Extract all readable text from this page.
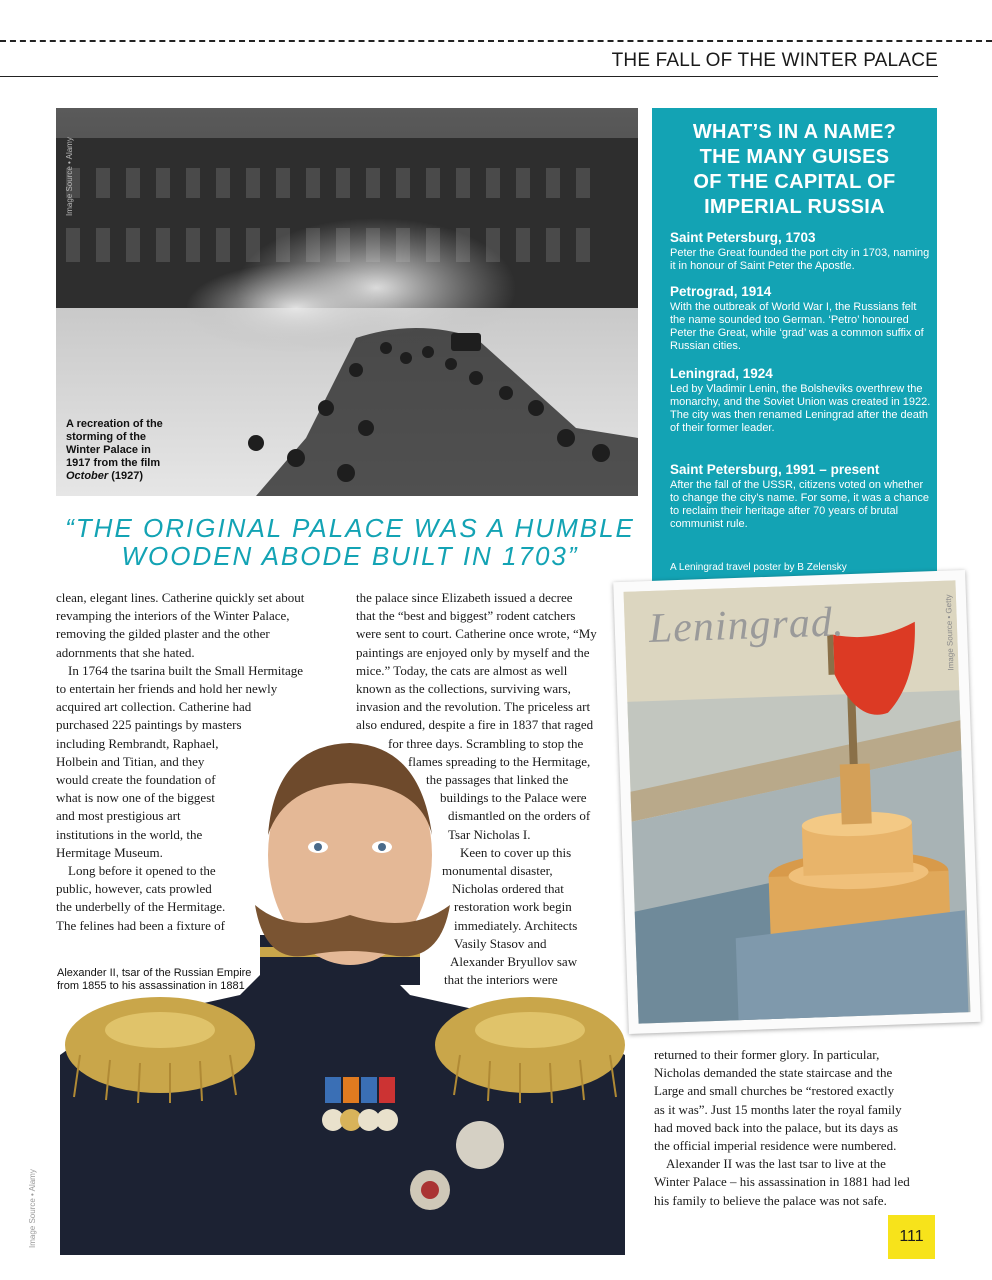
THE FALL OF THE WINTER PALACE
Image Source • Alamy
A recreation of the
storming of the
Winter Palace in
1917 from the film
October (1927)
WHAT’S IN A NAME?
THE MANY GUISES
OF THE CAPITAL OF
IMPERIAL RUSSIA
Saint Petersburg, 1703
Peter the Great founded the port city in 1703, naming it in honour of Saint Peter the Apostle.
Petrograd, 1914
With the outbreak of World War I, the Russians felt the name sounded too German. ‘Petro’ honoured Peter the Great, while ‘grad’ was a common suffix of Russian cities.
Leningrad, 1924
Led by Vladimir Lenin, the Bolsheviks overthrew the monarchy, and the Soviet Union was created in 1922. The city was then renamed Leningrad after the death of their former leader.
Saint Petersburg, 1991 – present
After the fall of the USSR, citizens voted on whether to change the city’s name. For some, it was a chance to reclaim their heritage after 70 years of brutal communist rule.
A Leningrad travel poster by B Zelensky
“THE ORIGINAL PALACE WAS A HUMBLE
WOODEN ABODE BUILT IN 1703”
Image Source • Alamy

clean, elegant lines. Catherine quickly set about

revamping the interiors of the Winter Palace,

removing the gilded plaster and the other

adornments that she hated.

In 1764 the tsarina built the Small Hermitage

to entertain her friends and hold her newly

acquired art collection. Catherine had

purchased 225 paintings by masters

including Rembrandt, Raphael,

Holbein and Titian, and they

would create the foundation of

what is now one of the biggest

and most prestigious art

institutions in the world, the

Hermitage Museum.

Long before it opened to the

public, however, cats prowled

the underbelly of the Hermitage.

The felines had been a fixture of

Alexander II, tsar of the Russian Empire
from 1855 to his assassination in 1881

the palace since Elizabeth issued a decree

that the “best and biggest” rodent catchers

were sent to court. Catherine once wrote, “My

paintings are enjoyed only by myself and the

mice.” Today, the cats are almost as well

known as the collections, surviving wars,

invasion and the revolution. The priceless art

also endured, despite a fire in 1837 that raged

for three days. Scrambling to stop the

flames spreading to the Hermitage,

the passages that linked the

buildings to the Palace were

dismantled on the orders of

Tsar Nicholas I.

Keen to cover up this

monumental disaster,

Nicholas ordered that

restoration work begin

immediately. Architects

Vasily Stasov and

Alexander Bryullov saw

that the interiors were

Leningrad.	Image Source • Getty

returned to their former glory. In particular,

Nicholas demanded the state staircase and the

Large and small churches be “restored exactly

as it was”. Just 15 months later the royal family

had moved back into the palace, but its days as

the official imperial residence were numbered.

Alexander II was the last tsar to live at the

Winter Palace – his assassination in 1881 had led

his family to believe the palace was not safe.

111
